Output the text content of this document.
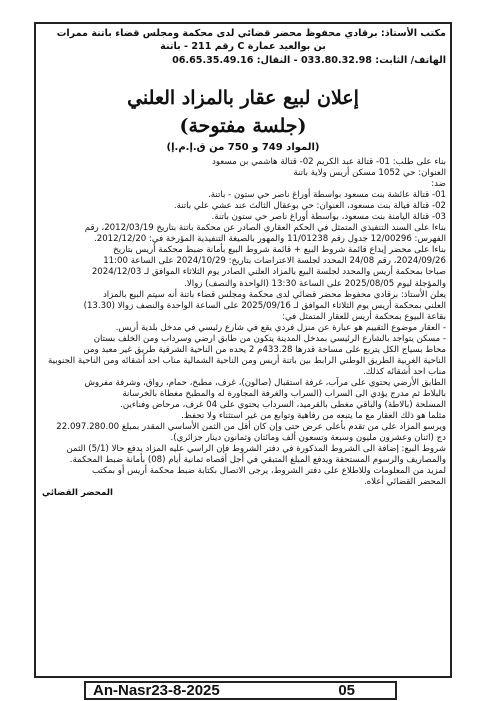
مكتب الأستاذ: برقادي محفوظ محضر قضائي لدى محكمة ومجلس قضاء باتنة ممرات
بن بوالعيد عمارة C رقم 211 - باتنة
الهاتف/ الثابت: 033.80.32.98 - النقال: 06.65.35.49.16
إعلان لبيع عقار بالمزاد العلني
(جلسة مفتوحة)
(المواد 749 و 750 من ق.إ.م.إ)

بناء على طلب: 01- قتالة عبد الكريم 02- قتالة هاشمي بن مسعود

العنوان: حي 1052 مسكن أريس ولاية باتنة

ضد:

01- قتالة عائشة بنت مسعود بواسطة أوراغ ناصر حي ستون - باتنة.

02- قتالة فيالة بنت مسعود، العنوان: حي بوعقال الثالث عند عشي علي باتنة.

03- قتالة اليامنة بنت مسعود، بواسطة أوراغ ناصر حي ستون باتنة.

بناءا على السند التنفيذي المتمثل في الحكم العقاري الصادر عن محكمة باتنة بتاريخ 2012/03/19، رقم

الفهرس: 12/00296 جدول رقم 11/01238 والمهور بالصيغة التنفيذية المؤرخة في: 2012/12/20.

بناءا على محضر إيداع قائمة شروط البيع + قائمة شروط البيع بأمانة ضبط محكمة أريس بتاريخ

2024/09/26، رقم 24/08 المحدد لجلسة الاعتراضات بتاريخ: 2024/10/29 على الساعة 11:00

صباحا بمحكمة أريس والمحدد لجلسة البيع بالمزاد العلني الصادر يوم الثلاثاء الموافق لـ 2024/12/03

والمؤجلة ليوم 2025/08/05 على الساعة 13:30 (الواحدة والنصف) زوالا.

يعلن الأستاذ: برقادي محفوظ محضر قضائي لدى محكمة ومجلس قضاء باتنة أنه سيتم البيع بالمزاد

العلني بمحكمة أريس يوم الثلاثاء الموافق لـ 2025/09/16 على الساعة الواحدة والنصف زوالا (13.30)

بقاعة البيوع بمحكمة أريس للعقار المتمثل في:

- العقار موضوع التقييم هو عبارة عن منزل فردي يقع في شارع رئيسي في مدخل بلدية أريس.

- مسكن يتواجد بالشارع الرئيسي بمدخل المدينة يتكون من طابق ارضي وسرداب ومن الخلف بستان

محاط بسياج الكل يتربع على مساحة قدرها 433.28م 2 يحده من الناحية الشرقية طريق غير معبد ومن

الناحية الغربية الطريق الوطني الرابط بين باتنة أريس ومن الناحية الشمالية مناب احد أشقائه ومن الناحية الجنوبية

مناب احد أشقائه كذلك.

الطابق الأرضي يحتوي على مرآب، غرفة استقبال (صالون)، غرف، مطبخ، حمام، رواق، وشرفة مفروش

بالبلاط ثم مدرج يؤدي الى السراب (السراب والغرفة المجاورة له والمطبخ مغطاة بالخرسانة

المسلحة (بالاطة) والباقي مغطى بالقرميد، السرداب يحتوي على 04 غرف، مرحاض وفناءين.

مثلما هو ذلك العقار مع ما يتبعه من رفاهية وتوابع من غير استثناء ولا تحفظ.

ويرسو المزاد على من تقدم بأعلى عرض حتى وإن كان أقل من الثمن الأساسي المقدر بمبلغ 22.097.280.00

دج (اثنان وعشرون مليون وسبعة وتسعون ألف ومائتان وثمانون دينار جزائري).

شروط البيع: إضافة الى الشروط المذكورة في دفتر الشروط فإن الراسي عليه المزاد يدفع حالا (5/1) الثمن

والمصاريف والرسوم المستحقة ويدفع المبلغ المتبقي في أجل أقصاه ثمانية أيام (08) بأمانة ضبط المحكمة.

لمزيد من المعلومات وللاطلاع على دفتر الشروط، يرجى الاتصال بكتابة ضبط محكمة أريس أو بمكتب

المحضر القضائي أعلاه.

المحضر القضائي

An-Nasr23-8-2025	05
